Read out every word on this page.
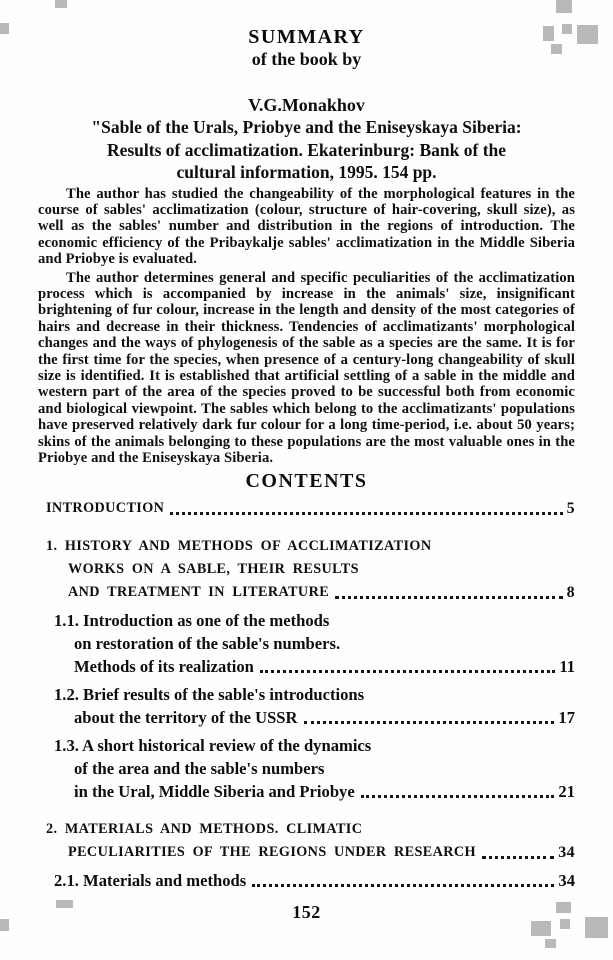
SUMMARY
of the book by
V.G.Monakhov
"Sable of the Urals, Priobye and the Eniseyskaya Siberia:
Results of acclimatization. Ekaterinburg: Bank of the
cultural information, 1995. 154 pp.

The author has studied the changeability of the morphological features in the course of sables' acclimatization (colour, structure of hair-covering, skull size), as well as the sables' number and distribution in the regions of introduction. The economic efficiency of the Pribaykalje sables' acclimatization in the Middle Siberia and Priobye is evaluated.

The author determines general and specific peculiarities of the acclimatization process which is accompanied by increase in the animals' size, insignificant brightening of fur colour, increase in the length and density of the most categories of hairs and decrease in their thickness. Tendencies of acclimatizants' morphological changes and the ways of phylogenesis of the sable as a species are the same. It is for the first time for the species, when presence of a century-long changeability of skull size is identified. It is established that artificial settling of a sable in the middle and western part of the area of the species proved to be successful both from economic and biological viewpoint. The sables which belong to the acclimatizants' populations have preserved relatively dark fur colour for a long time-period, i.e. about 50 years; skins of the animals belonging to these populations are the most valuable ones in the Priobye and the Eniseyskaya Siberia.

CONTENTS
INTRODUCTION	5
1. HISTORY AND METHODS OF ACCLIMATIZATION
WORKS ON A SABLE, THEIR RESULTS
AND TREATMENT IN LITERATURE	8
1.1. Introduction as one of the methods
on restoration of the sable's numbers.
Methods of its realization	11
1.2. Brief results of the sable's introductions
about the territory of the USSR	17
1.3. A short historical review of the dynamics
of the area and the sable's numbers
in the Ural, Middle Siberia and Priobye	21
2. MATERIALS AND METHODS. CLIMATIC
PECULIARITIES OF THE REGIONS UNDER RESEARCH	34
2.1. Materials and methods	34
152
